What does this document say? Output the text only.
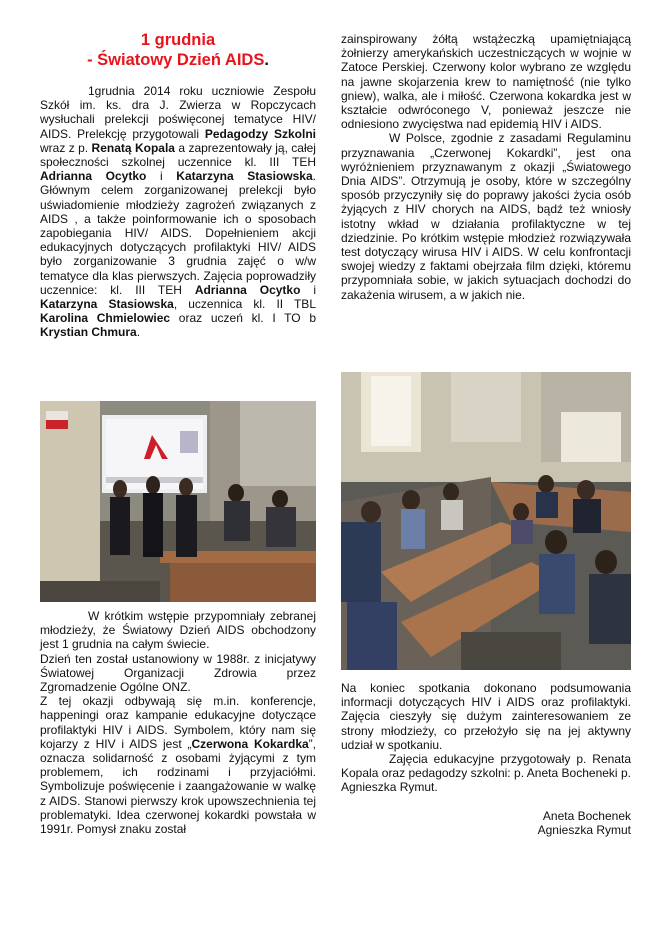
1 grudnia
- Światowy Dzień AIDS.

1grudnia 2014 roku uczniowie Zespołu Szkół im. ks. dra J. Zwierza w Ropczycach wysłuchali prelekcji poświęconej tematyce HIV/ AIDS. Prelekcję przygotowali Pedagodzy Szkolni wraz z p. Renatą Kopala a zaprezentowały ją, całej społeczności szkolnej uczennice kl. III TEH Adrianna Ocytko i Katarzyna Stasiowska. Głównym celem zorganizowanej prelekcji było uświadomienie młodzieży zagrożeń związanych z AIDS , a także poinformowanie ich o sposobach zapobiegania HIV/ AIDS. Dopełnieniem akcji edukacyjnych dotyczących profilaktyki HIV/ AIDS było zorganizowanie 3 grudnia zajęć o w/w tematyce dla klas pierwszych. Zajęcia poprowadziły uczennice: kl. III TEH Adrianna Ocytko i Katarzyna Stasiowska, uczennica kl. II TBL Karolina Chmielowiec oraz uczeń kl. I TO b Krystian Chmura.

W krótkim wstępie przypomniały zebranej młodzieży, że Światowy Dzień AIDS obchodzony jest 1 grudnia na całym świecie.

Dzień ten został ustanowiony w 1988r. z inicjatywy Światowej Organizacji Zdrowia przez Zgromadzenie Ogólne ONZ.

Z tej okazji odbywają się m.in. konferencje, happeningi oraz kampanie edukacyjne dotyczące profilaktyki HIV i AIDS. Symbolem, który nam się kojarzy z HIV i AIDS jest „Czerwona Kokardka”, oznacza solidarność z osobami żyjącymi z tym problemem, ich rodzinami i przyjaciółmi. Symbolizuje poświęcenie i zaangażowanie w walkę z AIDS. Stanowi pierwszy krok upowszechnienia tej problematyki. Idea czerwonej kokardki powstała w 1991r. Pomysł znaku został

zainspirowany żółtą wstążeczką upamiętniającą żołnierzy amerykańskich uczestniczących w wojnie w Zatoce Perskiej. Czerwony kolor wybrano ze względu na jawne skojarzenia krew to namiętność (nie tylko gniew), walka, ale i miłość. Czerwona kokardka jest w kształcie odwróconego V, ponieważ jeszcze nie odniesiono zwycięstwa nad epidemią HIV i AIDS.

W Polsce, zgodnie z zasadami Regulaminu przyznawania „Czerwonej Kokardki”, jest ona wyróżnieniem przyznawanym z okazji „Światowego Dnia AIDS”. Otrzymują je osoby, które w szczególny sposób przyczyniły się do poprawy jakości życia osób żyjących z HIV chorych na AIDS, bądź też wniosły istotny wkład w działania profilaktyczne w tej dziedzinie. Po krótkim wstępie młodzież rozwiązywała test dotyczący wirusa HIV i AIDS. W celu konfrontacji swojej wiedzy z faktami obejrzała film dzięki, któremu przypomniała sobie, w jakich sytuacjach dochodzi do zakażenia wirusem, a w jakich nie.

Na koniec spotkania dokonano podsumowania informacji dotyczących HIV i AIDS oraz profilaktyki. Zajęcia cieszyły się dużym zainteresowaniem ze strony młodzieży, co przełożyło się na jej aktywny udział w spotkaniu.

Zajęcia edukacyjne przygotowały p. Renata Kopala oraz pedagodzy szkolni: p. Aneta Bocheneki p. Agnieszka Rymut.

Aneta Bochenek

Agnieszka Rymut
